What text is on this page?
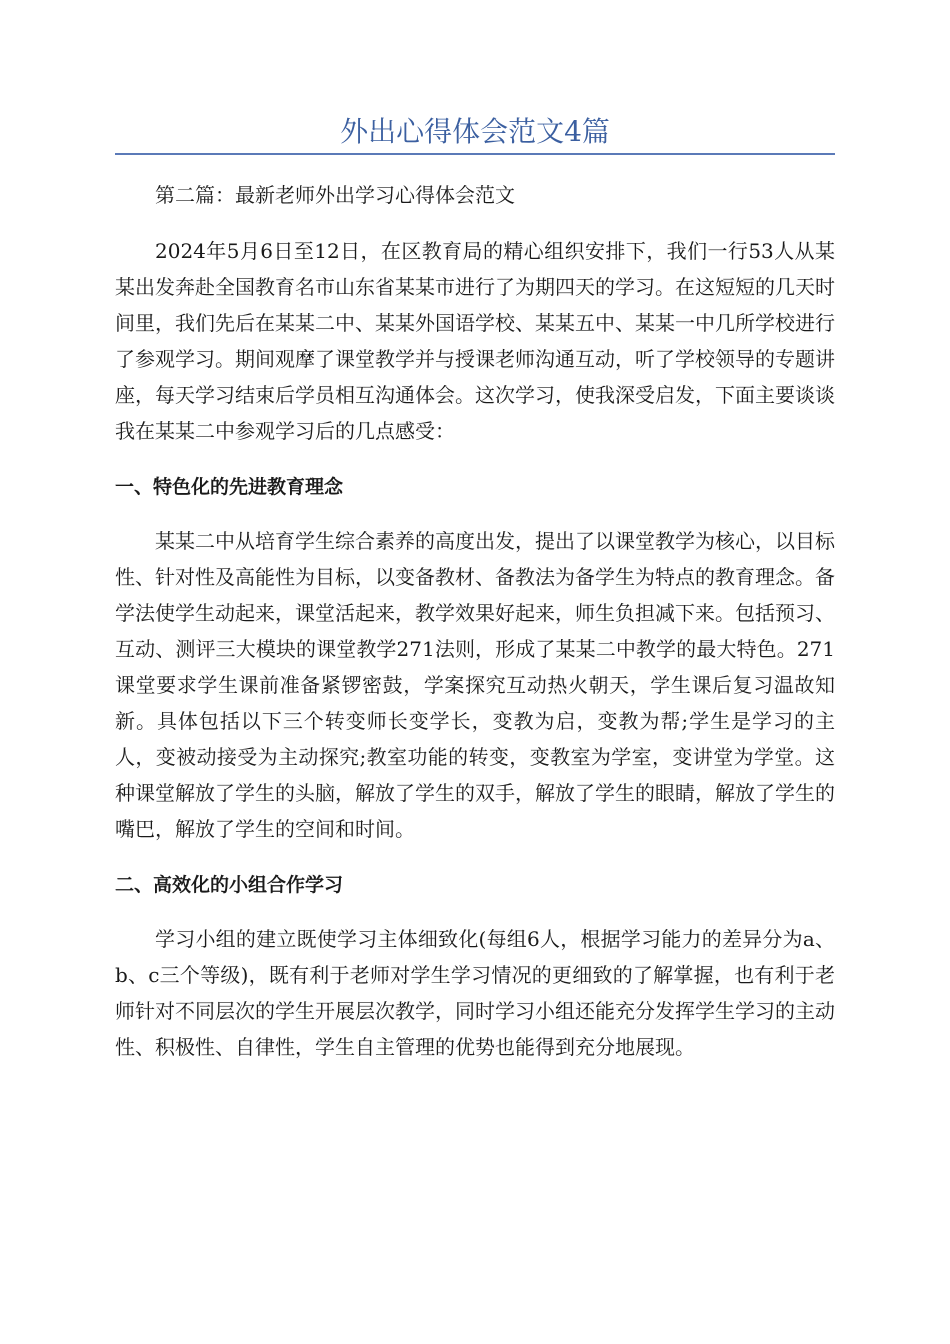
外出心得体会范文4篇

第二篇：最新老师外出学习心得体会范文

2024年5月6日至12日，在区教育局的精心组织安排下，我们一行53人从某某出发奔赴全国教育名市山东省某某市进行了为期四天的学习。在这短短的几天时间里，我们先后在某某二中、某某外国语学校、某某五中、某某一中几所学校进行了参观学习。期间观摩了课堂教学并与授课老师沟通互动，听了学校领导的专题讲座，每天学习结束后学员相互沟通体会。这次学习，使我深受启发，下面主要谈谈我在某某二中参观学习后的几点感受：

一、特色化的先进教育理念

某某二中从培育学生综合素养的高度出发，提出了以课堂教学为核心，以目标性、针对性及高能性为目标，以变备教材、备教法为备学生为特点的教育理念。备学法使学生动起来，课堂活起来，教学效果好起来，师生负担减下来。包括预习、互动、测评三大模块的课堂教学271法则，形成了某某二中教学的最大特色。271课堂要求学生课前准备紧锣密鼓，学案探究互动热火朝天，学生课后复习温故知新。具体包括以下三个转变师长变学长，变教为启，变教为帮;学生是学习的主人，变被动接受为主动探究;教室功能的转变，变教室为学室，变讲堂为学堂。这种课堂解放了学生的头脑，解放了学生的双手，解放了学生的眼睛，解放了学生的嘴巴，解放了学生的空间和时间。

二、高效化的小组合作学习

学习小组的建立既使学习主体细致化(每组6人，根据学习能力的差异分为a、b、c三个等级)，既有利于老师对学生学习情况的更细致的了解掌握，也有利于老师针对不同层次的学生开展层次教学，同时学习小组还能充分发挥学生学习的主动性、积极性、自律性，学生自主管理的优势也能得到充分地展现。
